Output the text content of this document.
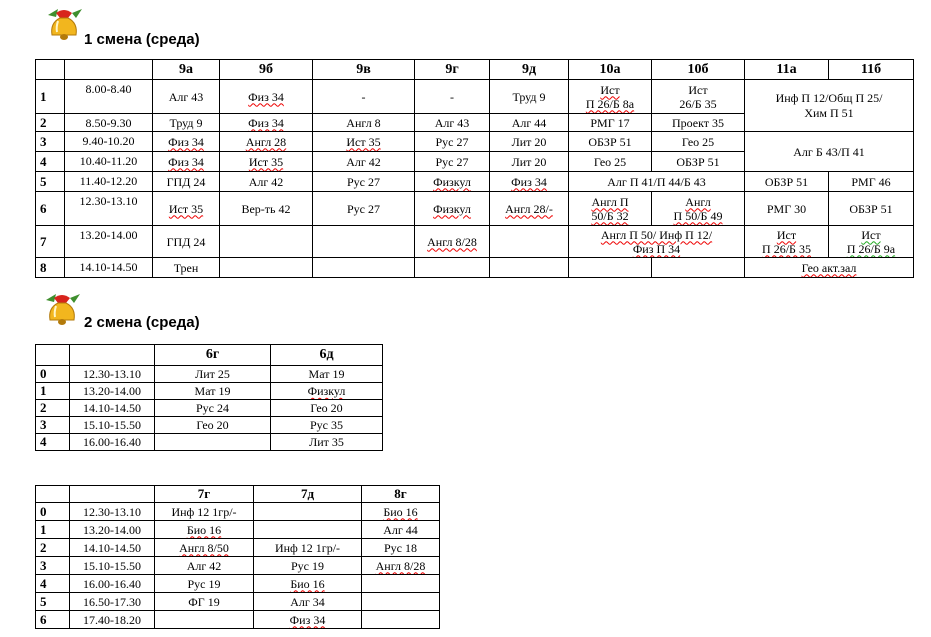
1 смена (среда)
		9а	9б	9в	9г	9д	10а	10б	11а	11б
1	8.00-8.40	Алг 43	Физ 34	-	-	Труд 9	Ист
П 26/Б 8а	Ист
26/Б 35	Инф П 12/Общ П 25/
Хим П 51	
2	8.50-9.30	Труд 9	Физ 34	Англ 8	Алг 43	Алг 44	РМГ 17	Проект 35		
3	9.40-10.20	Физ 34	Англ 28	Ист 35	Рус 27	Лит 20	ОБЗР 51	Гео 25	Алг Б 43/П 41	
4	10.40-11.20	Физ 34	Ист 35	Алг 42	Рус 27	Лит 20	Гео 25	ОБЗР 51		
5	11.40-12.20	ГПД 24	Алг 42	Рус 27	Физкул	Физ 34	Алг П 41/П 44/Б 43		ОБЗР 51	РМГ 46
6	12.30-13.10	Ист 35	Вер-ть 42	Рус 27	Физкул	Англ 28/-	Англ П
50/Б 32	Англ
П 50/Б 49	РМГ 30	ОБЗР 51
7	13.20-14.00	ГПД 24			Англ 8/28		Англ П 50/ Инф П 12/
Физ П 34		Ист
П 26/Б 35	Ист
П 26/Б 9а
8	14.10-14.50	Трен							Гео акт.зал	
2 смена (среда)
		6г	6д
0	12.30-13.10	Лит 25	Мат 19
1	13.20-14.00	Мат 19	Физкул
2	14.10-14.50	Рус 24	Гео 20
3	15.10-15.50	Гео 20	Рус 35
4	16.00-16.40		Лит 35
		7г	7д	8г
0	12.30-13.10	Инф 12 1гр/-		Био 16
1	13.20-14.00	Био 16		Алг 44
2	14.10-14.50	Англ 8/50	Инф 12 1гр/-	Рус 18
3	15.10-15.50	Алг 42	Рус 19	Англ 8/28
4	16.00-16.40	Рус 19	Био 16	
5	16.50-17.30	ФГ 19	Алг 34	
6	17.40-18.20		Физ 34	
